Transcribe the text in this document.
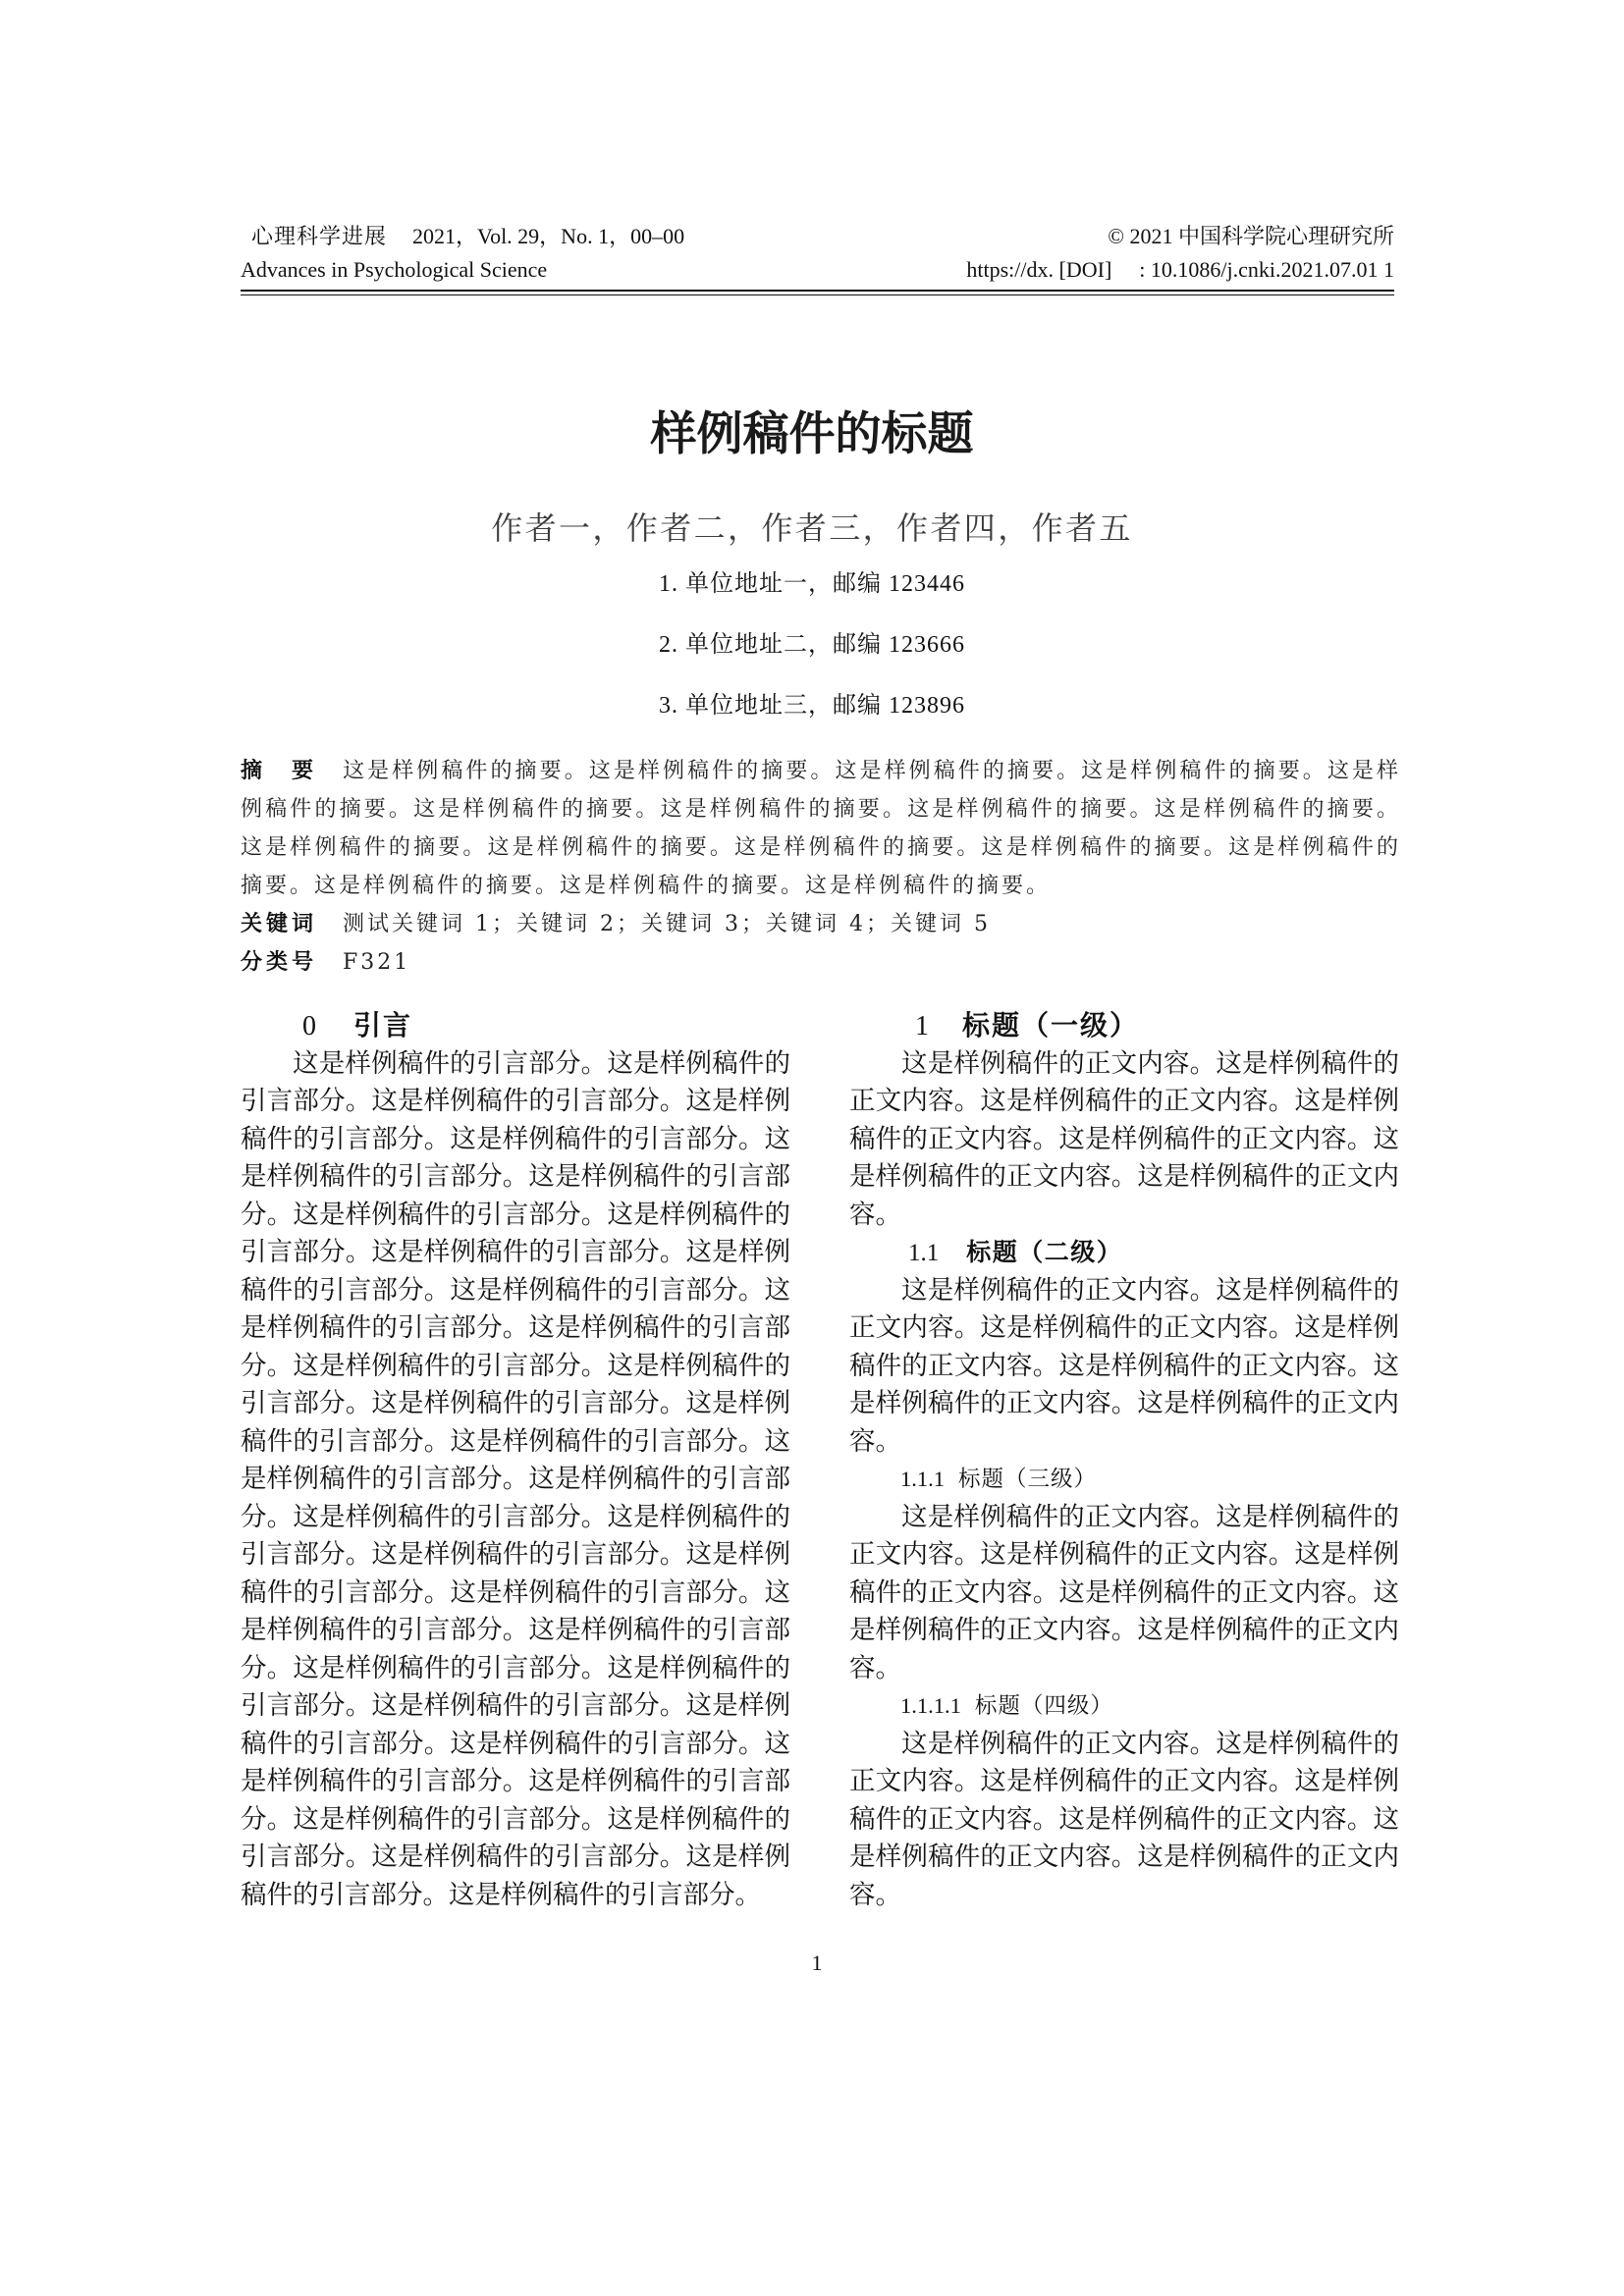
心理科学进展 2021，Vol. 29，No. 1，00–00
Advances in Psychological Science
© 2021 中国科学院心理研究所
https://dx. [DOI] : 10.1086/j.cnki.2021.07.01 1
样例稿件的标题
作者一，作者二，作者三，作者四，作者五
1. 单位地址一，邮编 123446
2. 单位地址二，邮编 123666
3. 单位地址三，邮编 123896
摘　要 这是样例稿件的摘要。这是样例稿件的摘要。这是样例稿件的摘要。这是样例稿件的摘要。这是样例稿件的摘要。这是样例稿件的摘要。这是样例稿件的摘要。这是样例稿件的摘要。这是样例稿件的摘要。这是样例稿件的摘要。这是样例稿件的摘要。这是样例稿件的摘要。这是样例稿件的摘要。这是样例稿件的摘要。这是样例稿件的摘要。这是样例稿件的摘要。这是样例稿件的摘要。
关键词 测试关键词 1；关键词 2；关键词 3；关键词 4；关键词 5
分类号 F321
0 引言

这是样例稿件的引言部分。这是样例稿件的引言部分。这是样例稿件的引言部分。这是样例稿件的引言部分。这是样例稿件的引言部分。这是样例稿件的引言部分。这是样例稿件的引言部分。这是样例稿件的引言部分。这是样例稿件的引言部分。这是样例稿件的引言部分。这是样例稿件的引言部分。这是样例稿件的引言部分。这是样例稿件的引言部分。这是样例稿件的引言部分。这是样例稿件的引言部分。这是样例稿件的引言部分。这是样例稿件的引言部分。这是样例稿件的引言部分。这是样例稿件的引言部分。这是样例稿件的引言部分。这是样例稿件的引言部分。这是样例稿件的引言部分。这是样例稿件的引言部分。这是样例稿件的引言部分。这是样例稿件的引言部分。这是样例稿件的引言部分。这是样例稿件的引言部分。这是样例稿件的引言部分。这是样例稿件的引言部分。这是样例稿件的引言部分。这是样例稿件的引言部分。这是样例稿件的引言部分。这是样例稿件的引言部分。这是样例稿件的引言部分。这是样例稿件的引言部分。这是样例稿件的引言部分。这是样例稿件的引言部分。这是样例稿件的引言部分。这是样例稿件的引言部分。这是样例稿件的引言部分。

1 标题（一级）

这是样例稿件的正文内容。这是样例稿件的正文内容。这是样例稿件的正文内容。这是样例稿件的正文内容。这是样例稿件的正文内容。这是样例稿件的正文内容。这是样例稿件的正文内容。

1.1 标题（二级）

这是样例稿件的正文内容。这是样例稿件的正文内容。这是样例稿件的正文内容。这是样例稿件的正文内容。这是样例稿件的正文内容。这是样例稿件的正文内容。这是样例稿件的正文内容。

1.1.1 标题（三级）

这是样例稿件的正文内容。这是样例稿件的正文内容。这是样例稿件的正文内容。这是样例稿件的正文内容。这是样例稿件的正文内容。这是样例稿件的正文内容。这是样例稿件的正文内容。

1.1.1.1 标题（四级）

这是样例稿件的正文内容。这是样例稿件的正文内容。这是样例稿件的正文内容。这是样例稿件的正文内容。这是样例稿件的正文内容。这是样例稿件的正文内容。这是样例稿件的正文内容。

1
